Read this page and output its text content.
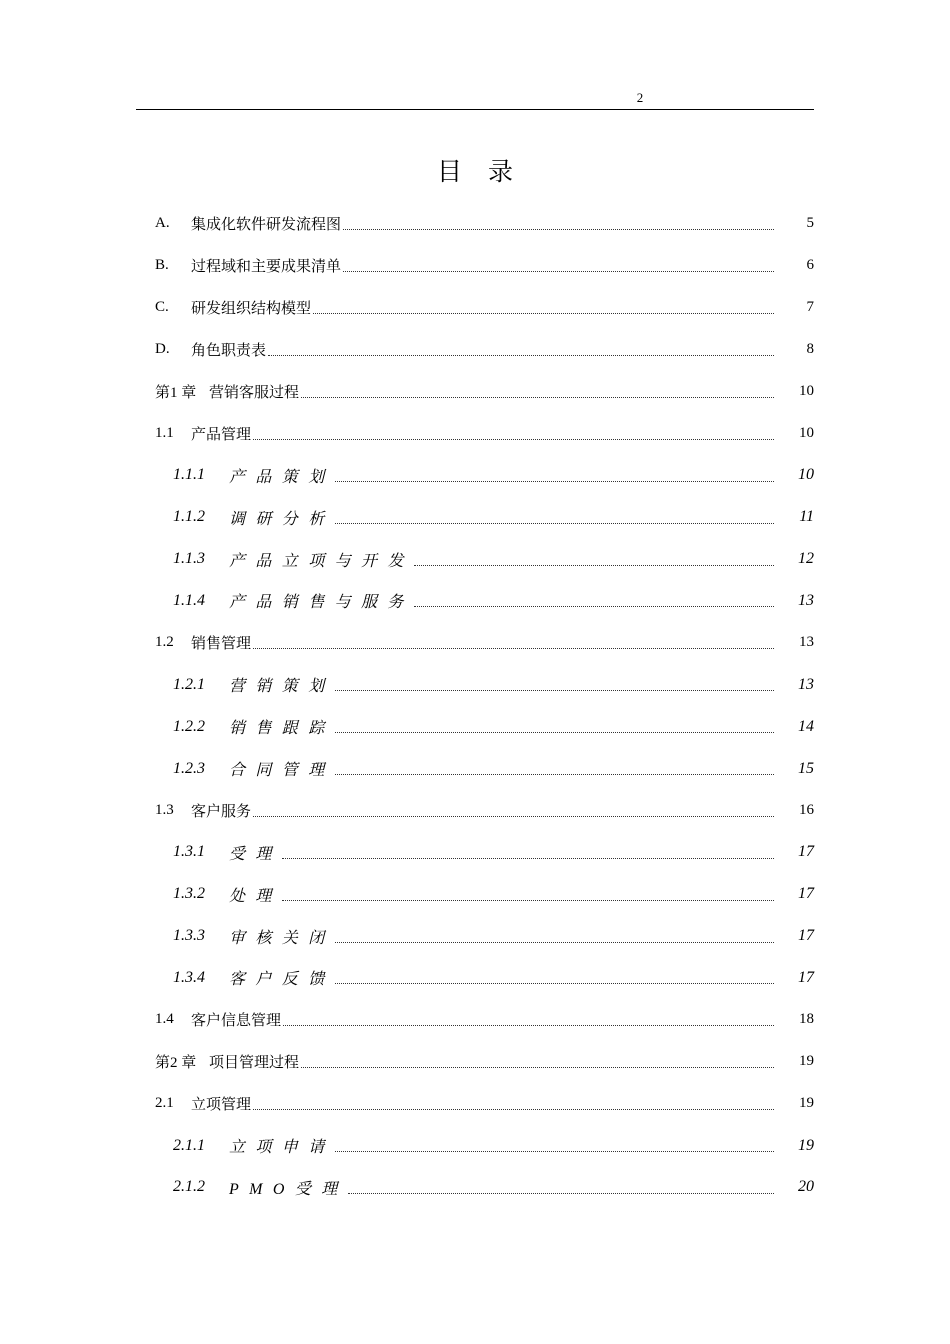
2
目录
A.	集成化软件研发流程图	5
B.	过程域和主要成果清单	6
C.	研发组织结构模型	7
D.	角色职责表	8
第1 章 营销客服过程	10
1.1	产品管理	10
1.1.1	产品策划	10
1.1.2	调研分析	11
1.1.3	产品立项与开发	12
1.1.4	产品销售与服务	13
1.2	销售管理	13
1.2.1	营销策划	13
1.2.2	销售跟踪	14
1.2.3	合同管理	15
1.3	客户服务	16
1.3.1	受理	17
1.3.2	处理	17
1.3.3	审核关闭	17
1.3.4	客户反馈	17
1.4	客户信息管理	18
第2 章 项目管理过程	19
2.1	立项管理	19
2.1.1	立项申请	19
2.1.2	PMO受理	20
